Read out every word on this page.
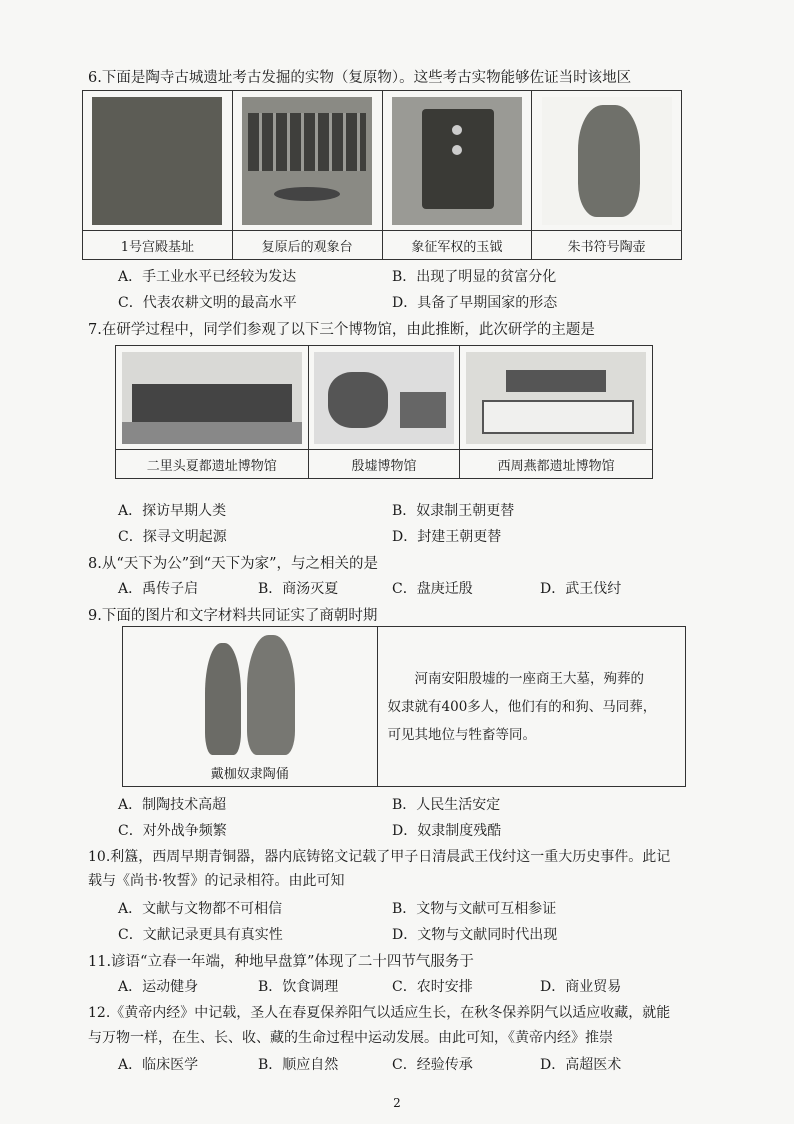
6.下面是陶寺古城遗址考古发掘的实物（复原物）。这些考古实物能够佐证当时该地区

1号宫殿基址	复原后的观象台	象征军权的玉钺	朱书符号陶壶
A．手工业水平已经较为发达	B．出现了明显的贫富分化
C．代表农耕文明的最高水平	D．具备了早期国家的形态
7.在研学过程中，同学们参观了以下三个博物馆，由此推断，此次研学的主题是

二里头夏都遗址博物馆	殷墟博物馆	西周燕都遗址博物馆
A．探访早期人类	B．奴隶制王朝更替
C．探寻文明起源	D．封建王朝更替
8.从“天下为公”到“天下为家”，与之相关的是
A．禹传子启	B．商汤灭夏	C．盘庚迁殷	D．武王伐纣
9.下面的图片和文字材料共同证实了商朝时期
戴枷奴隶陶俑

河南安阳殷墟的一座商王大墓，殉葬的
奴隶就有400多人，他们有的和狗、马同葬，
可见其地位与牲畜等同。
A．制陶技术高超	B．人民生活安定
C．对外战争频繁	D．奴隶制度残酷
10.利簋，西周早期青铜器，器内底铸铭文记载了甲子日清晨武王伐纣这一重大历史事件。此记
载与《尚书·牧誓》的记录相符。由此可知
A．文献与文物都不可相信	B．文物与文献可互相参证
C．文献记录更具有真实性	D．文物与文献同时代出现
11.谚语“立春一年端，种地早盘算”体现了二十四节气服务于
A．运动健身	B．饮食调理	C．农时安排	D．商业贸易
12.《黄帝内经》中记载，圣人在春夏保养阳气以适应生长，在秋冬保养阴气以适应收藏，就能
与万物一样，在生、长、收、藏的生命过程中运动发展。由此可知，《黄帝内经》推崇
A．临床医学	B．顺应自然	C．经验传承	D．高超医术
2
